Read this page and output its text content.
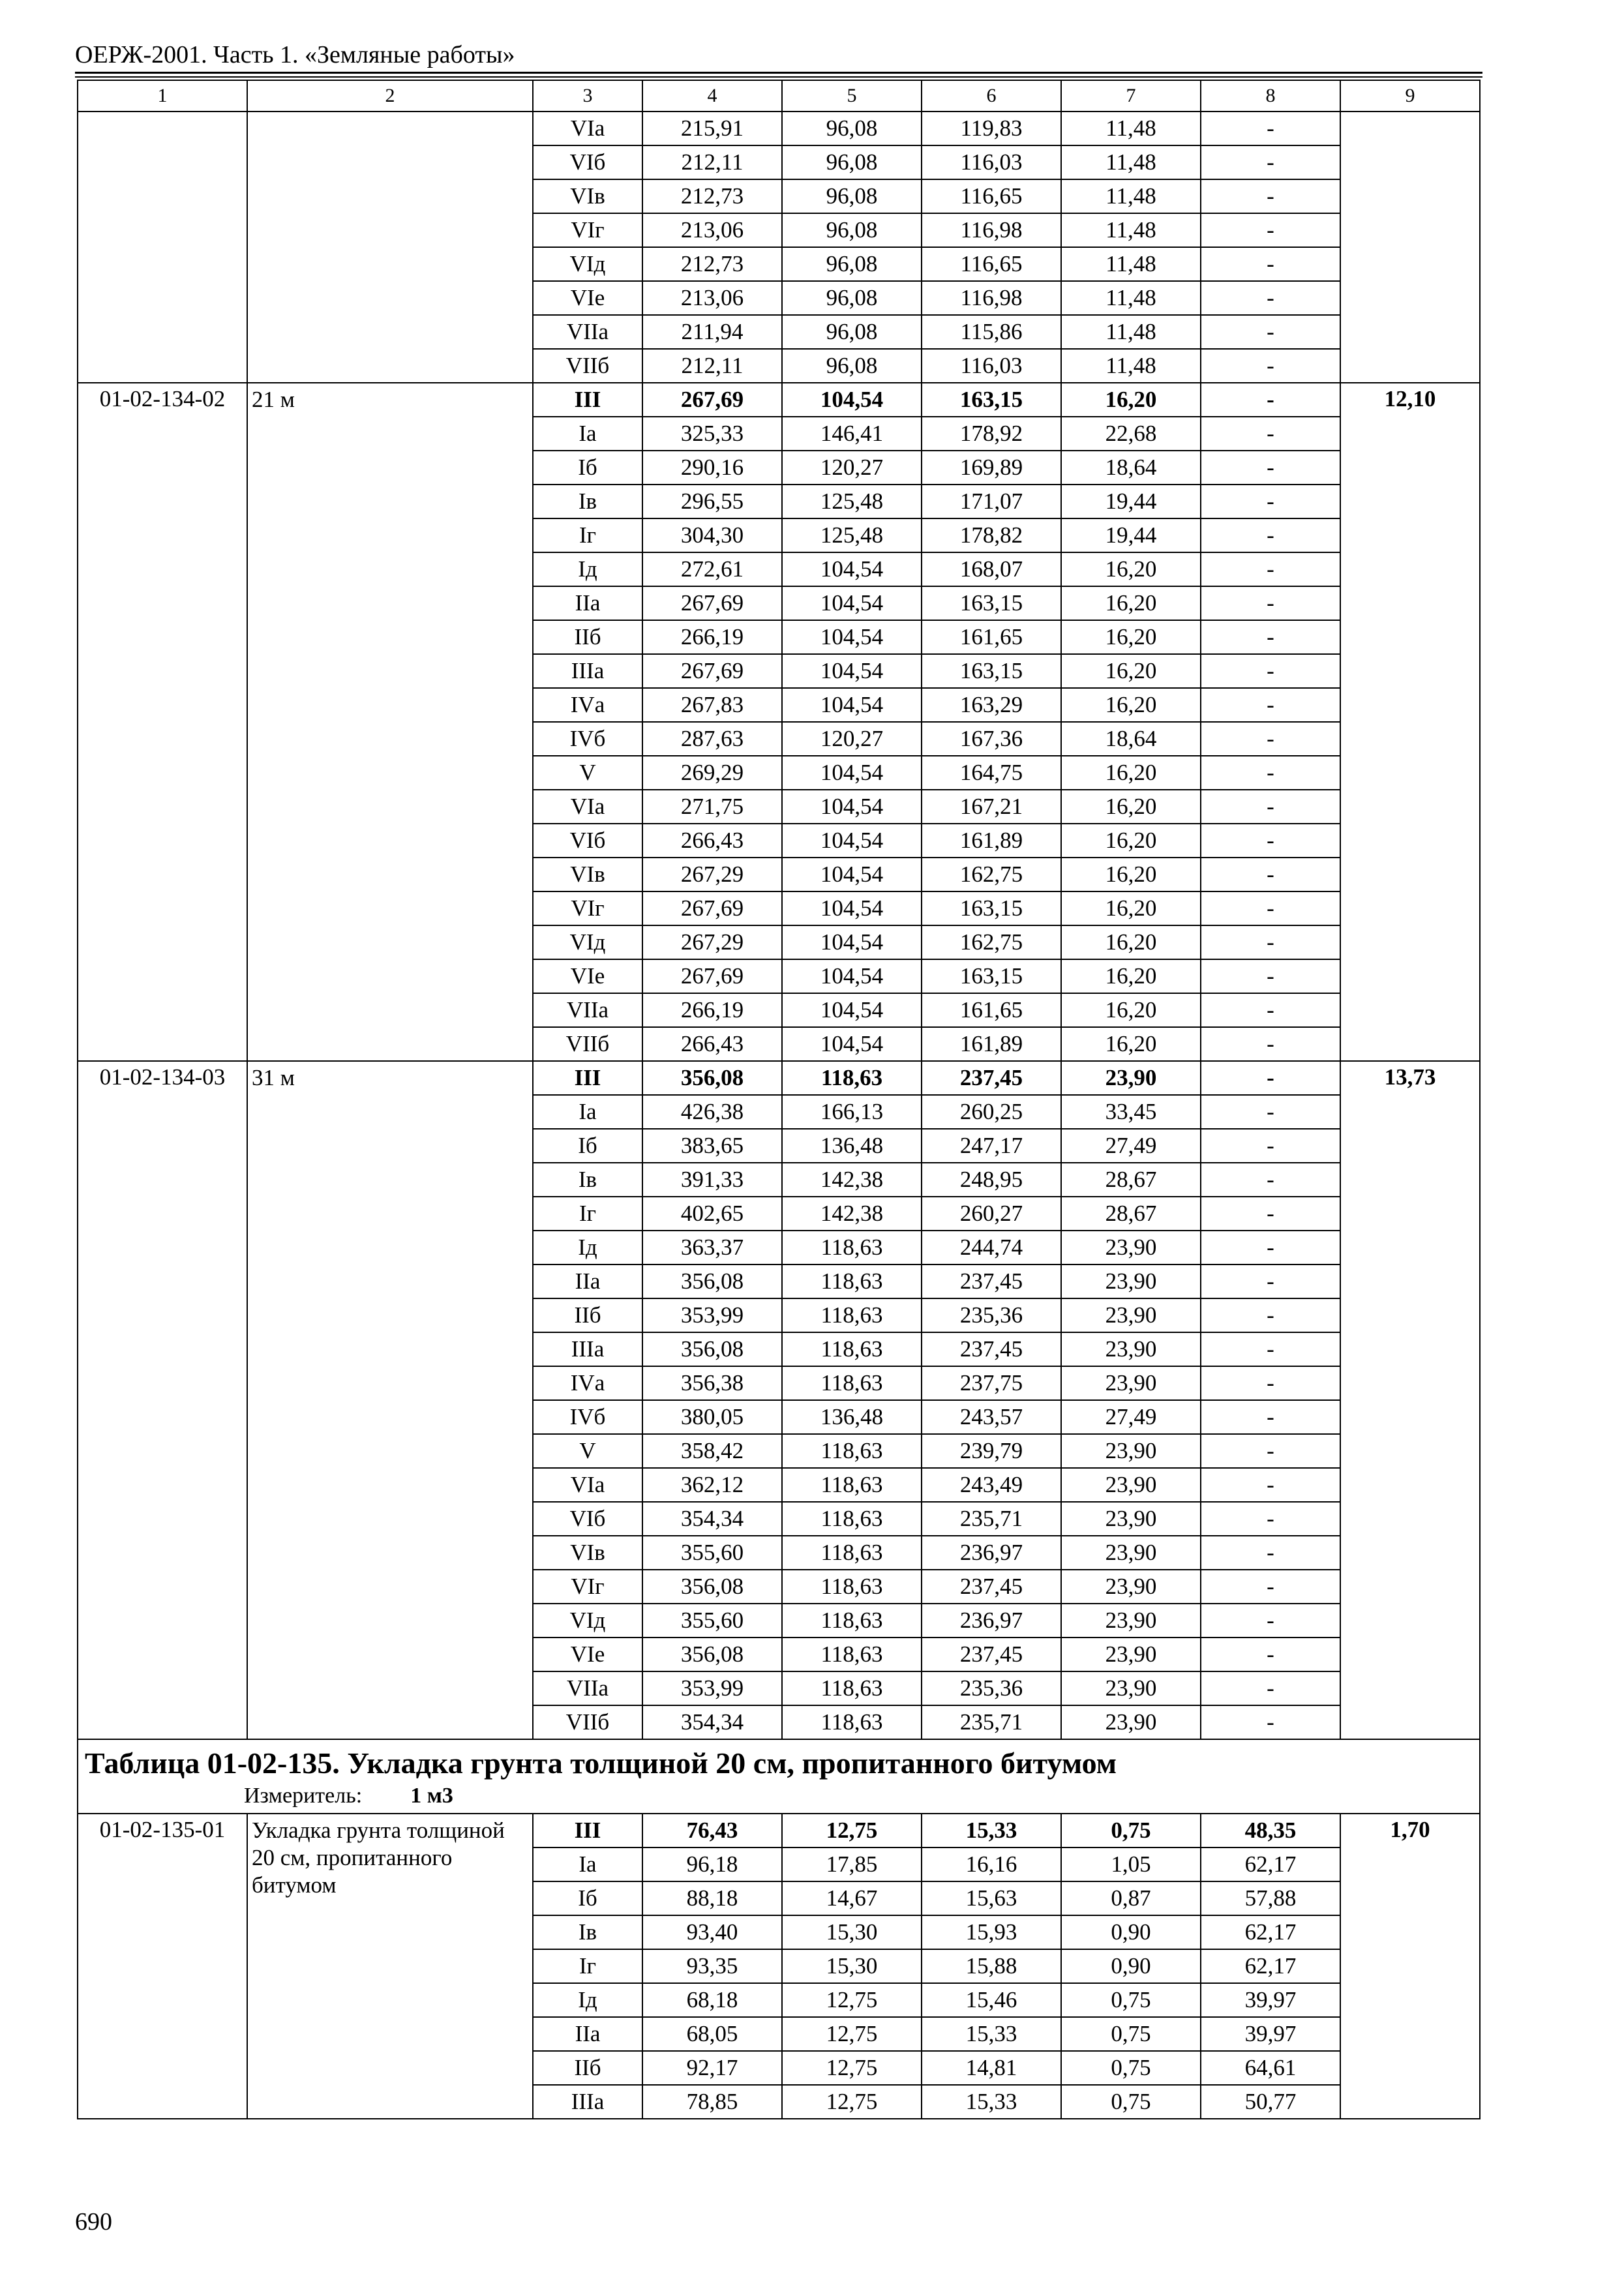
ОЕРЖ-2001. Часть 1. «Земляные работы»
1	2	3	4	5	6	7	8	9
		VIа	215,91	96,08	119,83	11,48	-	
		VIб	212,11	96,08	116,03	11,48	-	
		VIв	212,73	96,08	116,65	11,48	-	
		VIг	213,06	96,08	116,98	11,48	-	
		VIд	212,73	96,08	116,65	11,48	-	
		VIе	213,06	96,08	116,98	11,48	-	
		VIIа	211,94	96,08	115,86	11,48	-	
		VIIб	212,11	96,08	116,03	11,48	-	
01-02-134-02	21 м	III	267,69	104,54	163,15	16,20	-	12,10
		Iа	325,33	146,41	178,92	22,68	-	
		Iб	290,16	120,27	169,89	18,64	-	
		Iв	296,55	125,48	171,07	19,44	-	
		Iг	304,30	125,48	178,82	19,44	-	
		Iд	272,61	104,54	168,07	16,20	-	
		IIа	267,69	104,54	163,15	16,20	-	
		IIб	266,19	104,54	161,65	16,20	-	
		IIIа	267,69	104,54	163,15	16,20	-	
		IVа	267,83	104,54	163,29	16,20	-	
		IVб	287,63	120,27	167,36	18,64	-	
		V	269,29	104,54	164,75	16,20	-	
		VIа	271,75	104,54	167,21	16,20	-	
		VIб	266,43	104,54	161,89	16,20	-	
		VIв	267,29	104,54	162,75	16,20	-	
		VIг	267,69	104,54	163,15	16,20	-	
		VIд	267,29	104,54	162,75	16,20	-	
		VIе	267,69	104,54	163,15	16,20	-	
		VIIа	266,19	104,54	161,65	16,20	-	
		VIIб	266,43	104,54	161,89	16,20	-	
01-02-134-03	31 м	III	356,08	118,63	237,45	23,90	-	13,73
		Iа	426,38	166,13	260,25	33,45	-	
		Iб	383,65	136,48	247,17	27,49	-	
		Iв	391,33	142,38	248,95	28,67	-	
		Iг	402,65	142,38	260,27	28,67	-	
		Iд	363,37	118,63	244,74	23,90	-	
		IIа	356,08	118,63	237,45	23,90	-	
		IIб	353,99	118,63	235,36	23,90	-	
		IIIа	356,08	118,63	237,45	23,90	-	
		IVа	356,38	118,63	237,75	23,90	-	
		IVб	380,05	136,48	243,57	27,49	-	
		V	358,42	118,63	239,79	23,90	-	
		VIа	362,12	118,63	243,49	23,90	-	
		VIб	354,34	118,63	235,71	23,90	-	
		VIв	355,60	118,63	236,97	23,90	-	
		VIг	356,08	118,63	237,45	23,90	-	
		VIд	355,60	118,63	236,97	23,90	-	
		VIе	356,08	118,63	237,45	23,90	-	
		VIIа	353,99	118,63	235,36	23,90	-	
		VIIб	354,34	118,63	235,71	23,90	-	

Таблица 01-02-135. Укладка грунта толщиной 20 см, пропитанного битумом
Измеритель: 1 м3								

01-02-135-01	Укладка грунта толщиной 20 см, пропитанного битумом	III	76,43	12,75	15,33	0,75	48,35	1,70
		Iа	96,18	17,85	16,16	1,05	62,17	
		Iб	88,18	14,67	15,63	0,87	57,88	
		Iв	93,40	15,30	15,93	0,90	62,17	
		Iг	93,35	15,30	15,88	0,90	62,17	
		Iд	68,18	12,75	15,46	0,75	39,97	
		IIа	68,05	12,75	15,33	0,75	39,97	
		IIб	92,17	12,75	14,81	0,75	64,61	
		IIIа	78,85	12,75	15,33	0,75	50,77	
690
